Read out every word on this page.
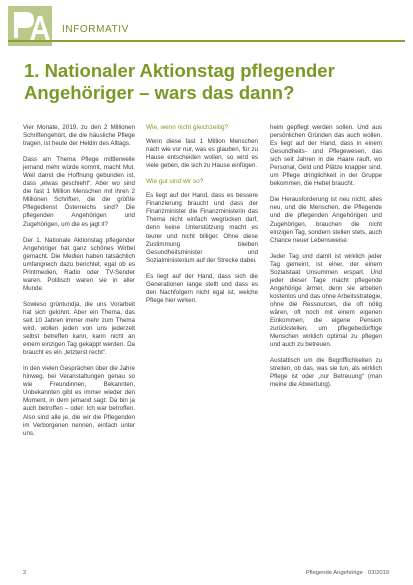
INFORMATIV
1. Nationaler Aktionstag pflegender Angehöriger – wars das dann?

Vier Monate, 2019, zu den 2 Millionen Schriftengehört, die die häusliche Pflege tragen, ist heute der Heldin des Alltags.

Dass am Thema Pflege mittlerweile jemand mehr würde kommt, macht Mut. Weil damit die Hoffnung gebunden ist, dass „etwas geschieht“. Aber wo sind die fast 1 Million Menschen mit ihren 2 Millionen Schriften, die die größte Pflegedienst Österreichs sind? Die pflegenden Angehörigen und Zugehörigen, um die es jagt it?

Der 1. Nationale Aktionstag pflegender Angehöriger hat ganz schönes Wirbel gemacht. Die Medien haben tatsächlich umfangreich dazu berichtet, egal ob es Printmedien, Radio oder TV-Sender waren. Politisch waren sie in aller Munde.

Sowieso grüntundja, die uns Vorarbeit hat sich gelohnt. Aber ein Thema, das seit 10 Jahren immer mehr zum Thema wird, wollen jeden von uns jederzeit selbst betreffen kann, kann nicht an einem einzigen Tag gekappt werden. Da braucht es ein „letzterst recht“.

In den vielen Gesprächen über die Jahre hinweg, bei Veranstaltungen genau so wie Freundinnen, Bekannten, Unbekannten gibt es immer wieder den Moment, in dem jemand sagt: Da bin ja auch betroffen – oder: Ich war betroffen. Also sind alle je, die wir die Pflegenden im Verborgenen nennen, einfach unter uns.

Wie, wenn nicht gleichzeitig?

Wenn diese fast 1 Million Menschen nach wie vor nur, was es glauben, für zu Hause entscheiden wollen, so wird es viele geben, die sich zu Hause einfügen.

Wie gut sind wir so?

Es liegt auf der Hand, dass es bessere Finanzierung braucht und dass der Finanzminister die Finanzministerin das Thema nicht einfach wegrücken darf, denn keine Unterstützung macht es teurer und nicht billiger. Ohne diese Zustimmung bleiben Gesundheitsminister und Sozialministerium auf der Strecke dabei.

Es liegt auf der Hand, dass sich die Generationen lange stellt und dass es den Nachfolgern nicht egal ist, welche Pflege hier wirken.

heim gepflegt werden sollen. Und aus persönlichen Gründen das auch wollen. Es liegt auf der Hand, dass in einem Gesundheits- und Pflegewesen, das sich seit Jahren in die Haare rauft, wo Personal, Geld und Plätze knapper sind, um Pflege dringlichkeit in der Gruppe bekommen, die Hebel braucht.

Die Herausforderung ist neu nicht, alles neu, und die Menschen, die Pflegende und die pflegenden Angehörigen und Zugehörigen, brauchen die nicht einzigen Tag, sondern stellen stets, auch Chance neuer Lebensweise.

Jeder Tag und damit ist wirklich jeder Tag gemeint, ist einer, der einem Sozialstaat Unsummen erspart. Und jeder dieser Tage macht pflegende Angehörige ärmer, denn sie arbeiten kostenlos und das ohne Arbeitsstrategie, ohne die Ressourcen, die oft nötig wären, oft noch mit einem eigenen Einkommen, die eigene Pension zurückstellen, um pflegebedürftige Menschen wirklich optimal zu pflegen und auch zu betreuen.

Austattisch um die Begrifflichkeiten zu streiten, ob das, was sie tun, als wirklich Pflege ist oder „nur Betreuung“ (man meine die Abwertung).

2	Pflegende Angehörige · 03/2019
